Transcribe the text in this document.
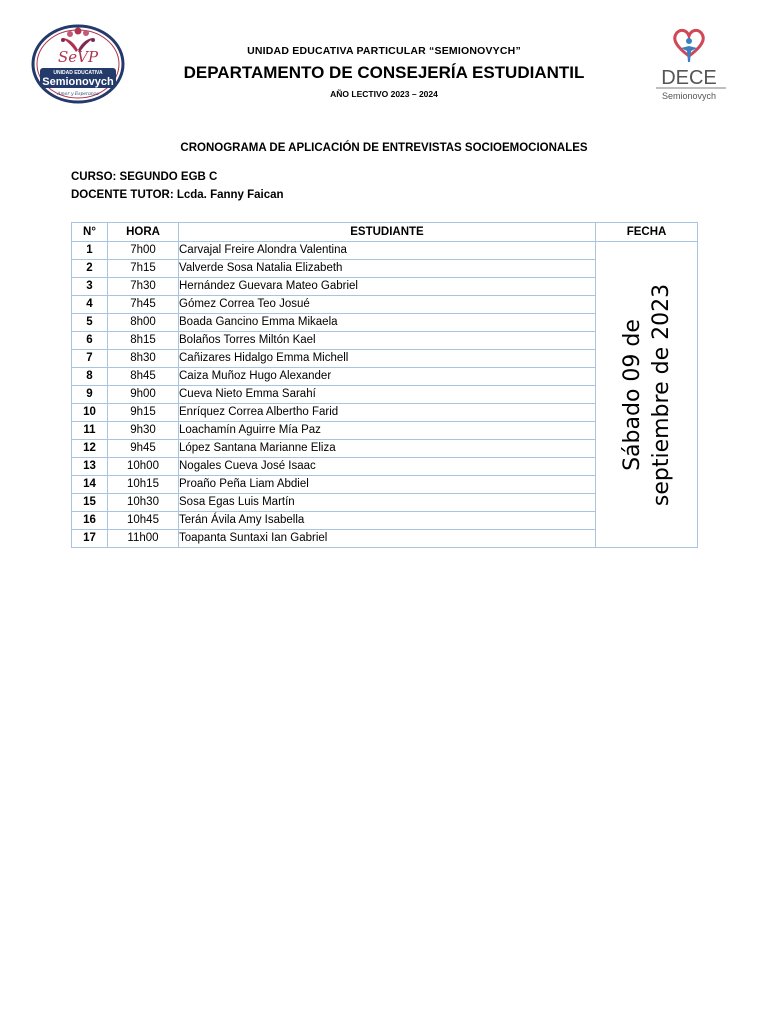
SeVP
UNIDAD EDUCATIVA
Semionovych
Amor y Esperanza
UNIDAD EDUCATIVA PARTICULAR “SEMIONOVYCH”
DEPARTAMENTO DE CONSEJERÍA ESTUDIANTIL
AÑO LECTIVO 2023 – 2024
DECE
Semionovych
CRONOGRAMA DE APLICACIÓN DE ENTREVISTAS SOCIOEMOCIONALES
CURSO: SEGUNDO EGB C
DOCENTE TUTOR: Lcda. Fanny Faican
N°	HORA	ESTUDIANTE	FECHA
1	7h00	Carvajal Freire Alondra Valentina	Sábado 09 de septiembre de 2023

2	7h15	Valverde Sosa Natalia Elizabeth	
3	7h30	Hernández Guevara Mateo Gabriel	
4	7h45	Gómez Correa Teo Josué	
5	8h00	Boada Gancino Emma Mikaela	
6	8h15	Bolaños Torres Miltón Kael	
7	8h30	Cañizares Hidalgo Emma Michell	
8	8h45	Caiza Muñoz Hugo Alexander	
9	9h00	Cueva Nieto Emma Sarahí	
10	9h15	Enríquez Correa Albertho Farid	
11	9h30	Loachamín Aguirre Mía Paz	
12	9h45	López Santana Marianne Eliza	
13	10h00	Nogales Cueva José Isaac	
14	10h15	Proaño Peña Liam Abdiel	
15	10h30	Sosa Egas Luis Martín	
16	10h45	Terán Ávila Amy Isabella	
17	11h00	Toapanta Suntaxi Ian Gabriel	
